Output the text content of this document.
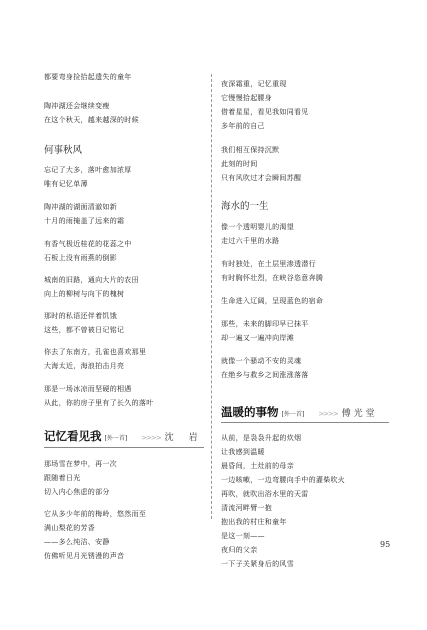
都要弯身捡拾起遗失的童年
陶冲湖还会继续变瘦
在这个秋天，越来越深的时候
何事秋风
忘记了大多，落叶愈加浓厚
唯有记忆单薄
陶冲湖的湖面清澈如新
十月的雨掩盖了远来的霜
有香气极近桂花的花蕊之中
石板上没有雨燕的倒影
城南的旧路，通向大片的农田
向上的柳树与向下的槐树
那时的私语还伴着饥饿
这些，都不曾被日记铭记
你去了东南方，孔雀也喜欢那里
大海太近，海浪拍击月亮
那是一场冰凉而坚硬的相遇
从此，你的房子里有了长久的落叶
记忆看见我 [外一首] >>>> 沈　岩
那场雪在梦中，再一次
跟随着日光
切入内心焦虑的部分
它从多少年前的梅岭，悠然而至
满山梨花的芳香
——多么纯洁、安静
仿佛听见月光锈漫的声音
夜深霜重，记忆重现
它慢慢拾起腰身
借着星星，看见我如同看见
多年前的自己
我们相互保持沉默
此刻的时间
只有风吹过才会瞬间苏醒
海水的一生
像一个透明婴儿的渴望
走过六千里的水路
有时独处，在土层里渗透潜行
有时胸怀壮烈，在峡谷恣意奔腾
生命进入辽阔，呈现蓝色的宿命
那些，未来的脚印早已抹平
却一遍又一遍冲向岸滩
就像一个骚动不安的灵魂
在绝乡与救乡之间涨涨落落
温暖的事物 [外一首] >>>> 傅光堂
从前，是袅袅升起的炊烟
让我感到温暖
晨昏间，土灶前的母亲
一边咳嗽，一边弯腰向手中的灌柴吹火
再吹，就吹出浴水里的天雷
清流河畔臂一抱
抱出我的村庄和童年
是这一刻——
夜归的父亲
一下子关紧身后的风雪
95
